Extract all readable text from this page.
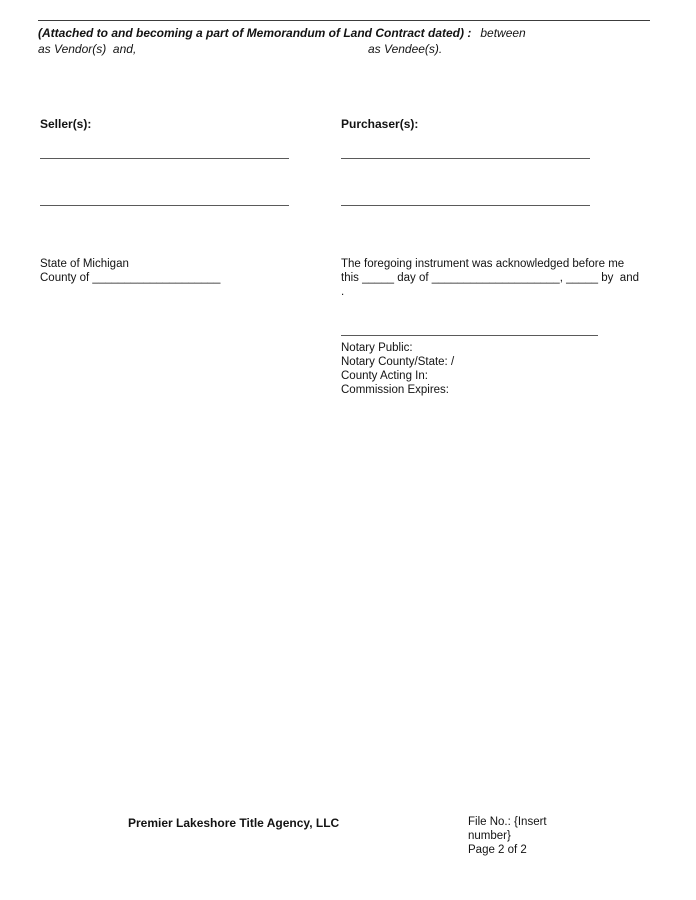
(Attached to and becoming a part of Memorandum of Land Contract dated) : between
as Vendor(s)  and,	as Vendee(s).
Seller(s):	Purchaser(s):
State of Michigan
County of ____________________
The foregoing instrument was acknowledged before me
this _____ day of ____________________, _____ by  and
.
Notary Public:
Notary County/State: /
County Acting In:
Commission Expires:
Premier Lakeshore Title Agency, LLC	File No.: {Insert
number}
Page 2 of 2
